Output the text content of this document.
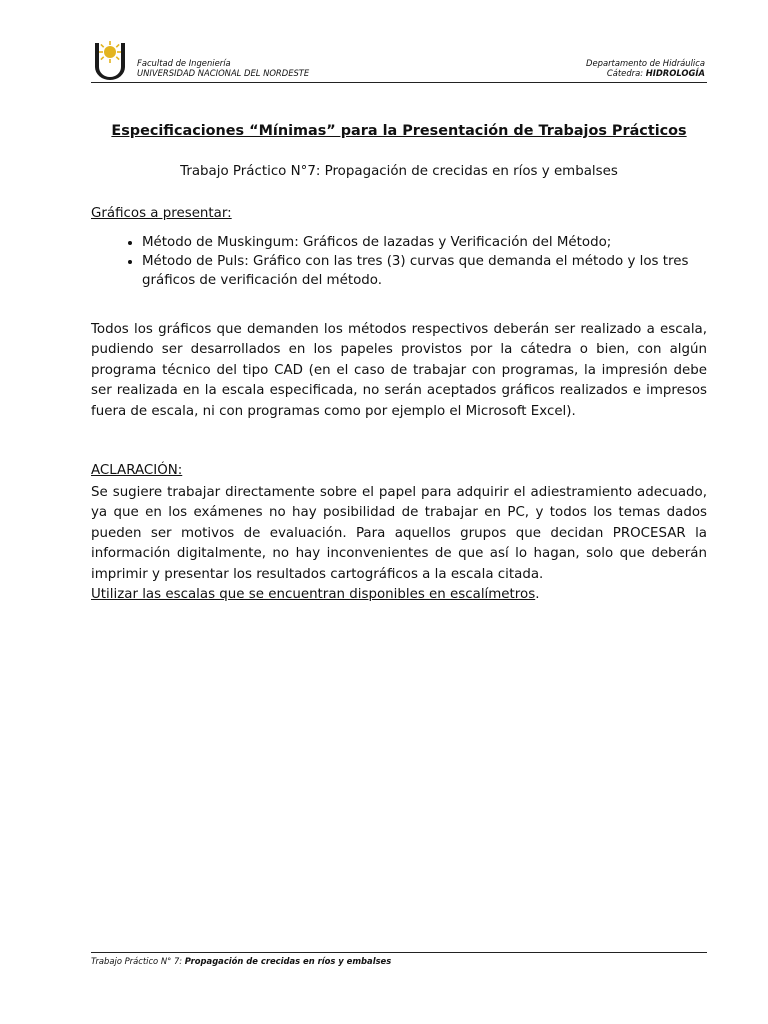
Facultad de Ingeniería
UNIVERSIDAD NACIONAL DEL NORDESTE
Departamento de Hidráulica
Cátedra: HIDROLOGÍA
Especificaciones “Mínimas” para la Presentación de Trabajos Prácticos
Trabajo Práctico N°7: Propagación de crecidas en ríos y embalses
Gráficos a presentar:
• Método de Muskingum: Gráficos de lazadas y Verificación del Método;
• Método de Puls: Gráfico con las tres (3) curvas que demanda el método y los tres gráficos de verificación del método.

Todos los gráficos que demanden los métodos respectivos deberán ser realizado a escala, pudiendo ser desarrollados en los papeles provistos por la cátedra o bien, con algún programa técnico del tipo CAD (en el caso de trabajar con programas, la impresión debe ser realizada en la escala especificada, no serán aceptados gráficos realizados e impresos fuera de escala, ni con programas como por ejemplo el Microsoft Excel).

ACLARACIÓN:

Se sugiere trabajar directamente sobre el papel para adquirir el adiestramiento adecuado, ya que en los exámenes no hay posibilidad de trabajar en PC, y todos los temas dados pueden ser motivos de evaluación. Para aquellos grupos que decidan PROCESAR la información digitalmente, no hay inconvenientes de que así lo hagan, solo que deberán imprimir y presentar los resultados cartográficos a la escala citada.
Utilizar las escalas que se encuentran disponibles en escalímetros.

Trabajo Práctico N° 7: Propagación de crecidas en ríos y embalses
